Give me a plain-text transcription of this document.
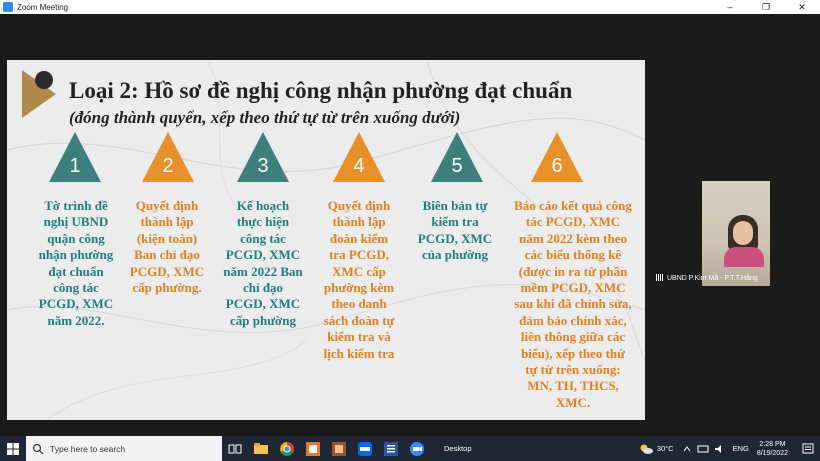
Zoom Meeting	–	❐	✕
Loại 2: Hồ sơ đề nghị công nhận phường đạt chuẩn
(đóng thành quyển, xếp theo thứ tự từ trên xuống dưới)
1
Tờ trình đề
nghị UBND
quận công
nhận phường
đạt chuẩn
công tác
PCGD, XMC
năm 2022.
2
Quyết định
thành lập
(kiện toàn)
Ban chỉ đạo
PCGD, XMC
cấp phường.
3
Kế hoạch
thực hiện
công tác
PCGD, XMC
năm 2022 Ban
chỉ đạo
PCGD, XMC
cấp phường
4
Quyết định
thành lập
đoàn kiểm
tra PCGD,
XMC cấp
phường kèm
theo danh
sách đoàn tự
kiểm tra và
lịch kiểm tra
5
Biên bản tự
kiểm tra
PCGD, XMC
của phường
6
Báo cáo kết quả công
tác PCGD, XMC
năm 2022 kèm theo
các biểu thống kê
(được in ra từ phần
mềm PCGD, XMC
sau khi đã chỉnh sửa,
đảm bảo chính xác,
liên thông giữa các
biểu), xếp theo thứ
tự từ trên xuống:
MN, TH, THCS,
XMC.
UBND P.Kim Mã - P.T.T.Hằng
Type here to search	Desktop	30°C	ENG	2:28 PM
8/19/2022
